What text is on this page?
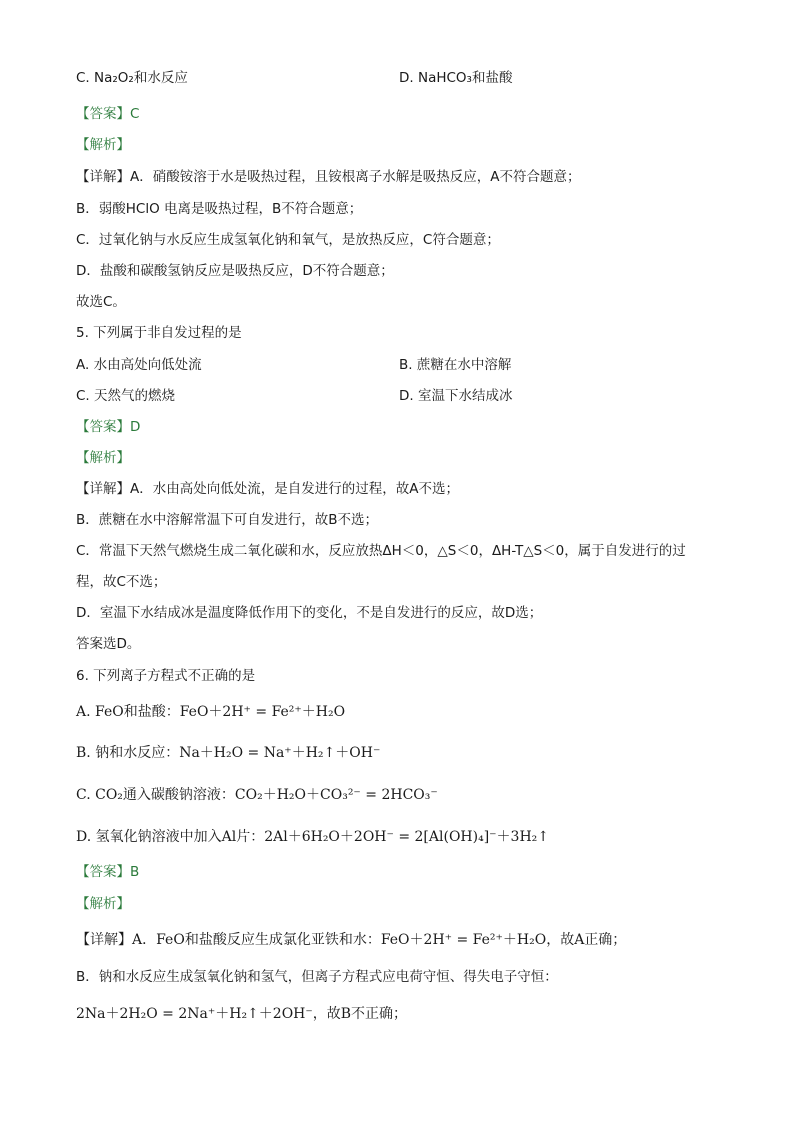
C. Na₂O₂和水反应	D. NaHCO₃和盐酸
【答案】C
【解析】
【详解】A．硝酸铵溶于水是吸热过程，且铵根离子水解是吸热反应，A不符合题意；
B．弱酸HClO 电离是吸热过程，B不符合题意；
C．过氧化钠与水反应生成氢氧化钠和氧气，是放热反应，C符合题意；
D．盐酸和碳酸氢钠反应是吸热反应，D不符合题意；
故选C。
5. 下列属于非自发过程的是
A. 水由高处向低处流	B. 蔗糖在水中溶解
C. 天然气的燃烧	D. 室温下水结成冰
【答案】D
【解析】
【详解】A．水由高处向低处流，是自发进行的过程，故A不选；
B．蔗糖在水中溶解常温下可自发进行，故B不选；
C．常温下天然气燃烧生成二氧化碳和水，反应放热ΔH＜0，△S＜0，ΔH-T△S＜0，属于自发进行的过
程，故C不选；
D．室温下水结成冰是温度降低作用下的变化，不是自发进行的反应，故D选；
答案选D。
6. 下列离子方程式不正确的是
A. FeO和盐酸：FeO＋2H⁺ = Fe²⁺＋H₂O
B. 钠和水反应：Na＋H₂O = Na⁺＋H₂↑＋OH⁻
C. CO₂通入碳酸钠溶液：CO₂＋H₂O＋CO₃²⁻ = 2HCO₃⁻
D. 氢氧化钠溶液中加入Al片：2Al＋6H₂O＋2OH⁻ = 2[Al(OH)₄]⁻＋3H₂↑
【答案】B
【解析】
【详解】A．FeO和盐酸反应生成氯化亚铁和水：FeO＋2H⁺ = Fe²⁺＋H₂O，故A正确；
B．钠和水反应生成氢氧化钠和氢气，但离子方程式应电荷守恒、得失电子守恒：
2Na＋2H₂O = 2Na⁺＋H₂↑＋2OH⁻，故B不正确；
